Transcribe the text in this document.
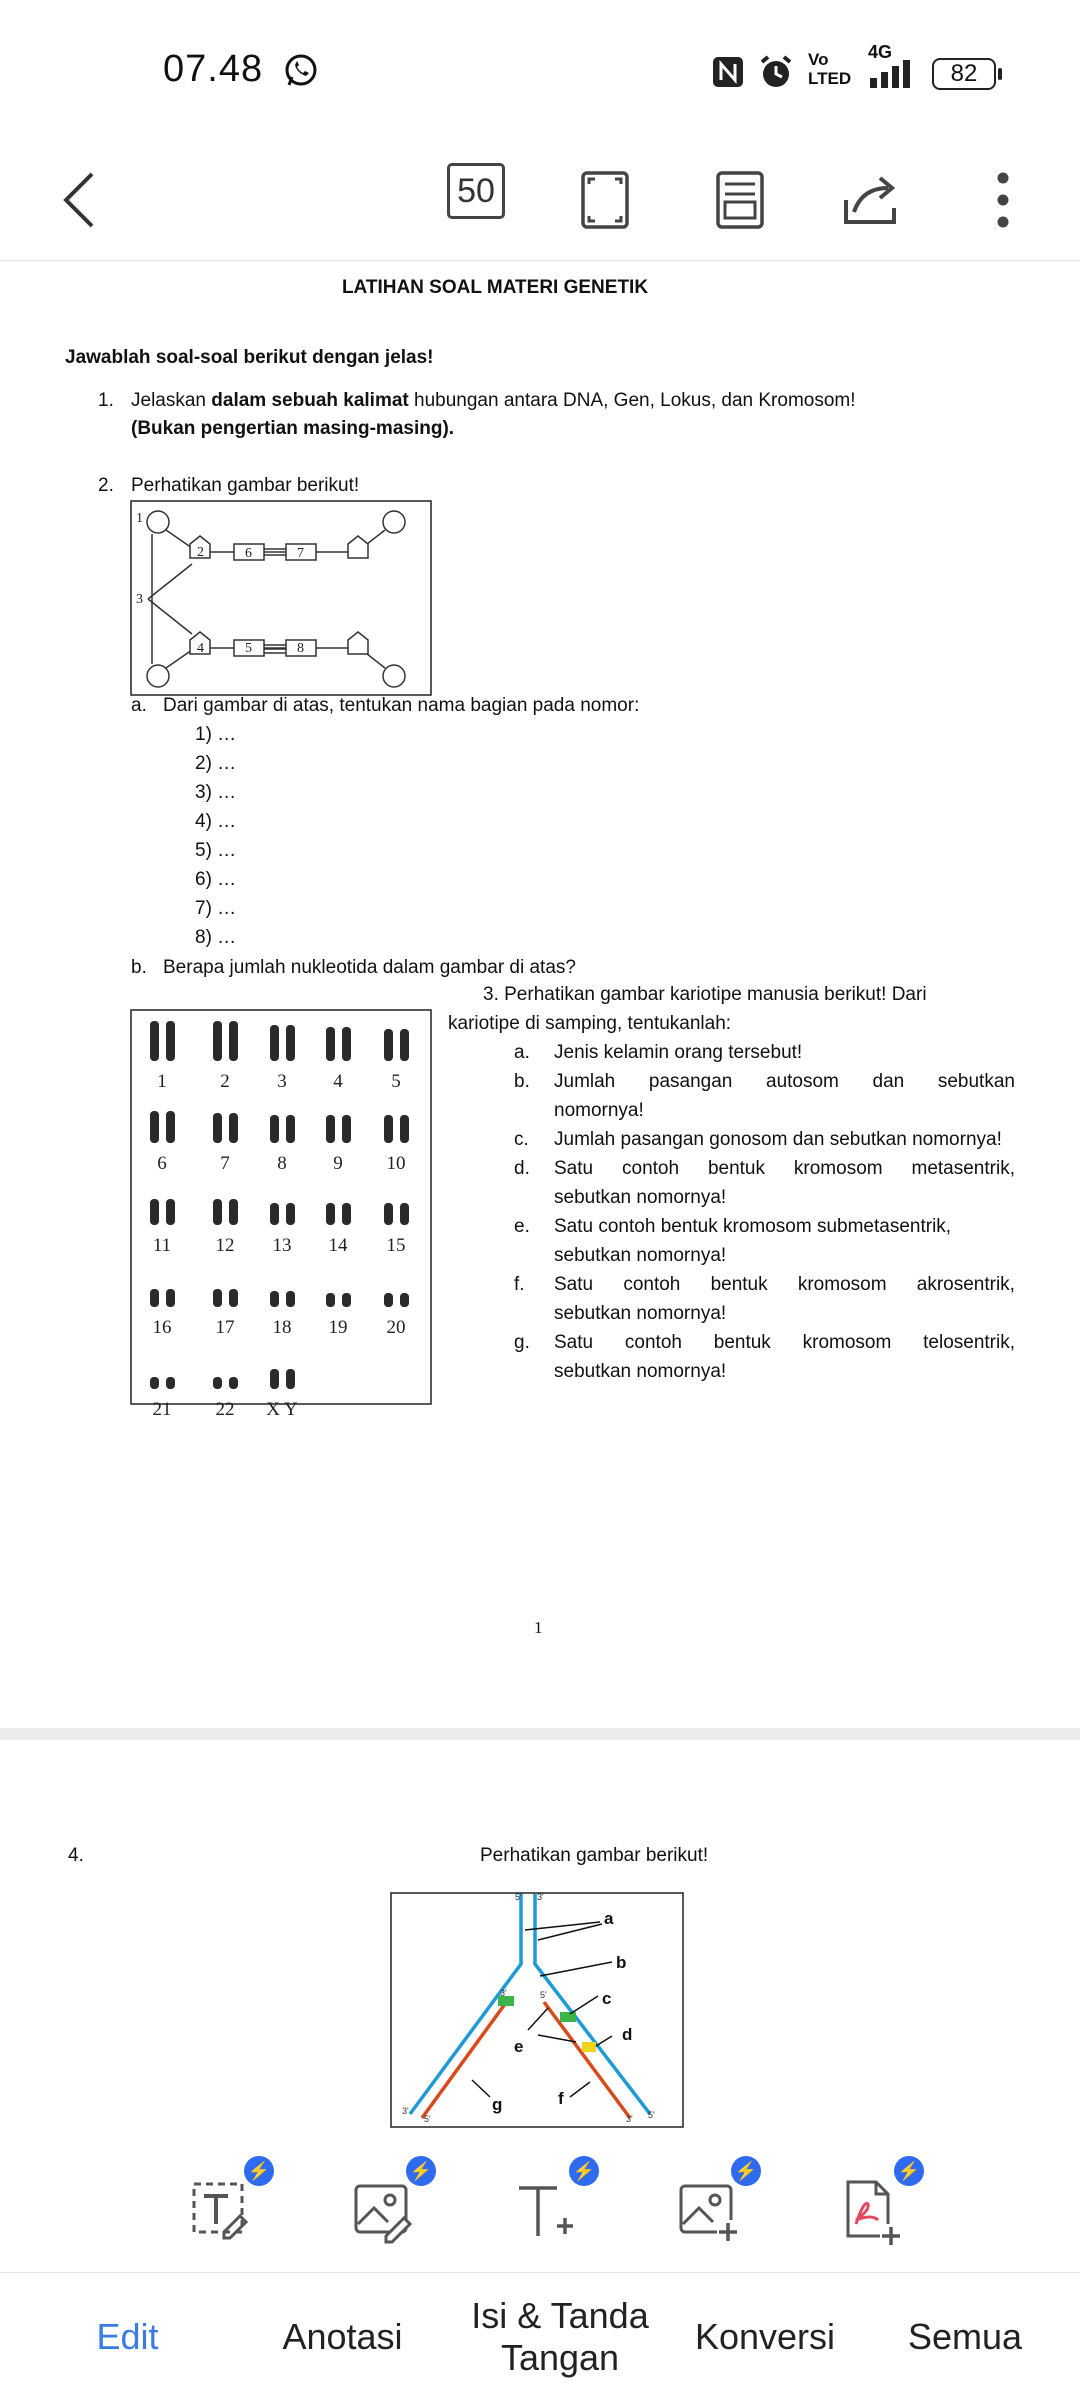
07.48	Vo LTED
4G
82
50
LATIHAN SOAL MATERI GENETIK
Jawablah soal-soal berikut dengan jelas!
1. Jelaskan dalam sebuah kalimat hubungan antara DNA, Gen, Lokus, dan Kromosom!
(Bukan pengertian masing-masing).
2. Perhatikan gambar berikut!
1
2
3
4	5
6	7
8
a. Dari gambar di atas, tentukan nama bagian pada nomor:
1) …
2) …
3) …
4) …
5) …
6) …
7) …
8) …
b. Berapa jumlah nukleotida dalam gambar di atas?
3. Perhatikan gambar kariotipe manusia berikut! Dari
kariotipe di samping, tentukanlah:
a. Jenis kelamin orang tersebut!
b. Jumlah pasangan autosom dan sebutkan
nomornya!
c. Jumlah pasangan gonosom dan sebutkan nomornya!
d. Satu contoh bentuk kromosom metasentrik,
sebutkan nomornya!
e. Satu contoh bentuk kromosom submetasentrik,
sebutkan nomornya!
f. Satu contoh bentuk kromosom akrosentrik,
sebutkan nomornya!
g. Satu contoh bentuk kromosom telosentrik,
sebutkan nomornya!
1	2	3 4	5
6	7	8 9 10
11 12 13 14 15
16 17 18 19 20
21 22 X Y
1
4.	Perhatikan gambar berikut!
a
b
c
d
e
f
g
5' 3'
3'
5'	3' 5'
3'	5'
⚡	⚡	⚡	⚡	⚡
Edit	Anotasi
Isi & Tanda Tangan
Konversi	Semua
